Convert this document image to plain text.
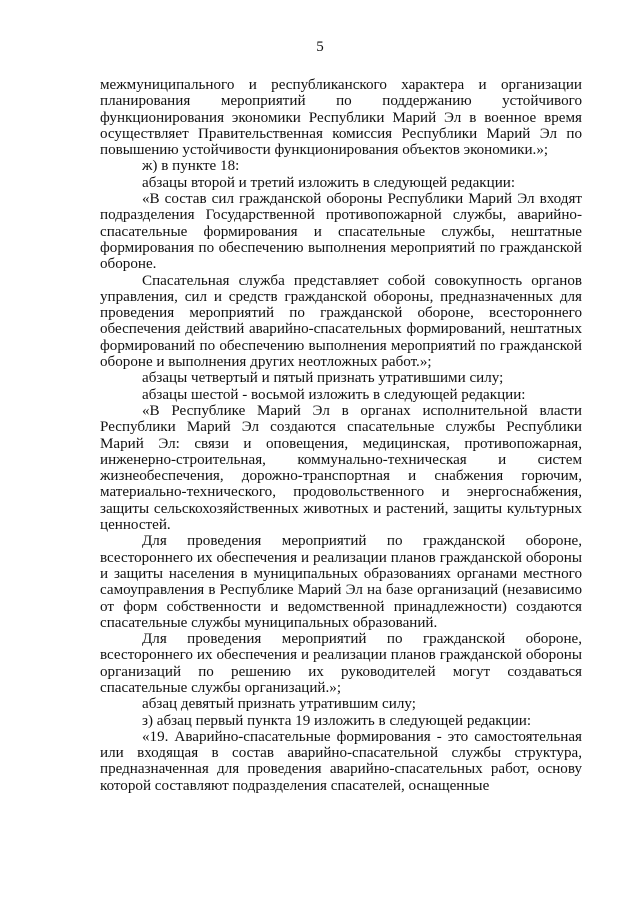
5

межмуниципального и республиканского характера и организации планирования мероприятий по поддержанию устойчивого функционирования экономики Республики Марий Эл в военное время осуществляет Правительственная комиссия Республики Марий Эл по повышению устойчивости функционирования объектов экономики.»;

ж) в пункте 18:

абзацы второй и третий изложить в следующей редакции:

«В состав сил гражданской обороны Республики Марий Эл входят подразделения Государственной противопожарной службы, аварийно-спасательные формирования и спасательные службы, нештатные формирования по обеспечению выполнения мероприятий по гражданской обороне.

Спасательная служба представляет собой совокупность органов управления, сил и средств гражданской обороны, предназначенных для проведения мероприятий по гражданской обороне, всестороннего обеспечения действий аварийно-спасательных формирований, нештатных формирований по обеспечению выполнения мероприятий по гражданской обороне и выполнения других неотложных работ.»;

абзацы четвертый и пятый признать утратившими силу;

абзацы шестой - восьмой изложить в следующей редакции:

«В Республике Марий Эл в органах исполнительной власти Республики Марий Эл создаются спасательные службы Республики Марий Эл: связи и оповещения, медицинская, противопожарная, инженерно-строительная, коммунально-техническая и систем жизнеобеспечения, дорожно-транспортная и снабжения горючим, материально-технического, продовольственного и энергоснабжения, защиты сельскохозяйственных животных и растений, защиты культурных ценностей.

Для проведения мероприятий по гражданской обороне, всестороннего их обеспечения и реализации планов гражданской обороны и защиты населения в муниципальных образованиях органами местного самоуправления в Республике Марий Эл на базе организаций (независимо от форм собственности и ведомственной принадлежности) создаются спасательные службы муниципальных образований.

Для проведения мероприятий по гражданской обороне, всестороннего их обеспечения и реализации планов гражданской обороны организаций по решению их руководителей могут создаваться спасательные службы организаций.»;

абзац девятый признать утратившим силу;

з) абзац первый пункта 19 изложить в следующей редакции:

«19. Аварийно-спасательные формирования - это самостоятельная или входящая в состав аварийно-спасательной службы структура, предназначенная для проведения аварийно-спасательных работ, основу которой составляют подразделения спасателей, оснащенные
